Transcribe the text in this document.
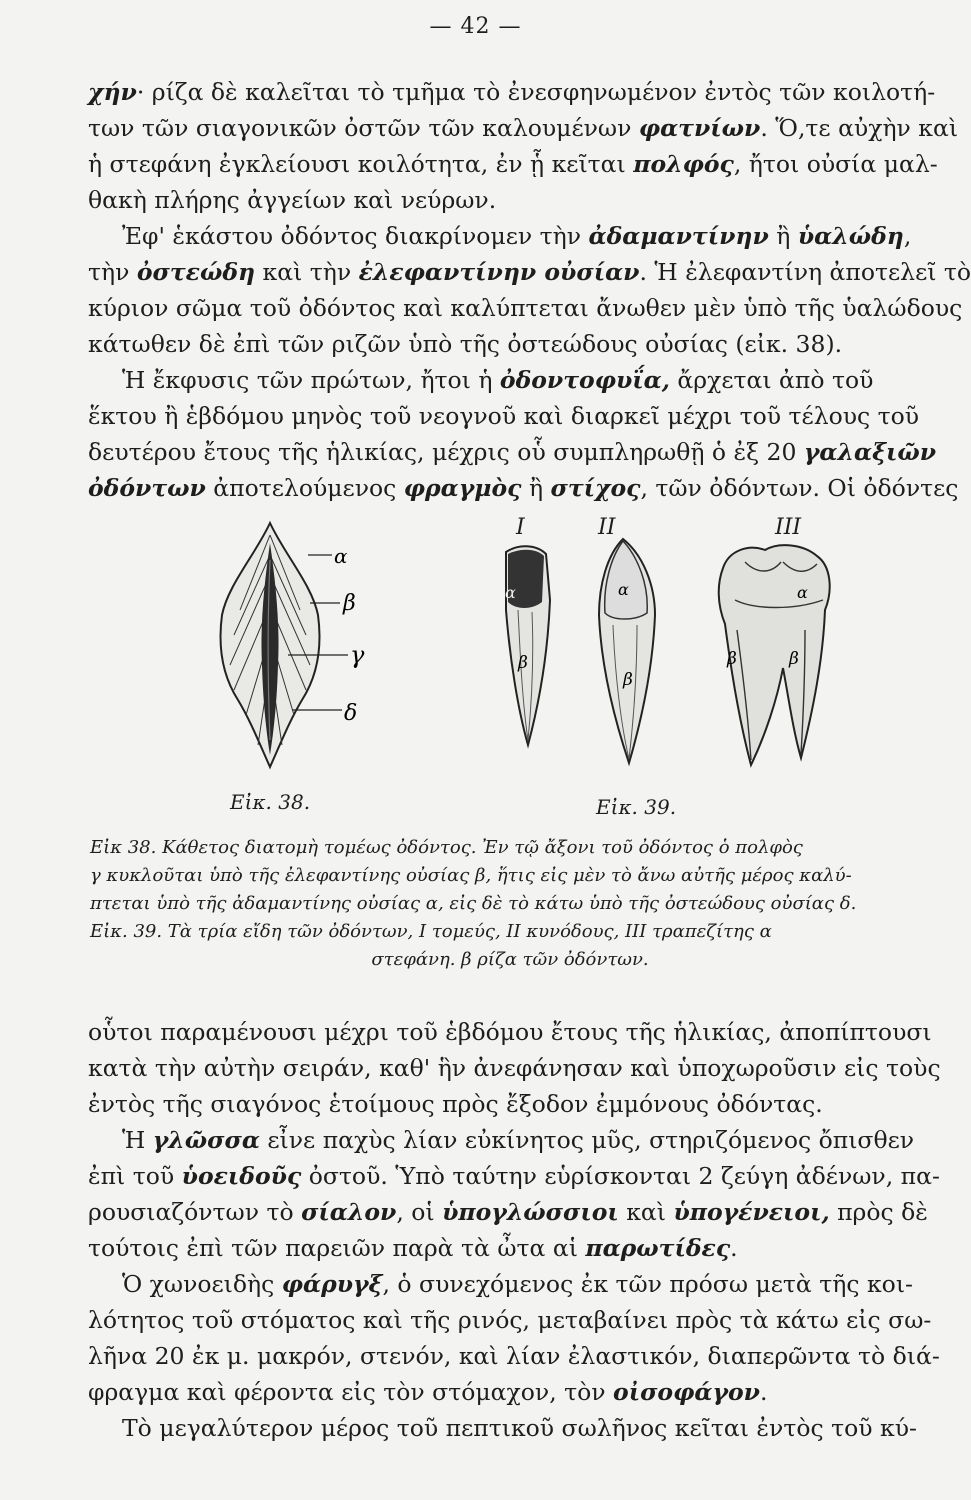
— 42 —
χήν· ρίζα δὲ καλεῖται τὸ τμῆμα τὸ ἐνεσφηνωμένον ἐντὸς τῶν κοιλοτή-
των τῶν σιαγονικῶν ὀστῶν τῶν καλουμένων φατνίων. Ὅ,τε αὐχὴν καὶ
ἡ στεφάνη ἐγκλείουσι κοιλότητα, ἐν ᾗ κεῖται πολφός, ἤτοι οὐσία μαλ-
θακὴ πλήρης ἀγγείων καὶ νεύρων.
Ἐφ' ἑκάστου ὀδόντος διακρίνομεν τὴν ἀδαμαντίνην ἢ ὑαλώδη,
τὴν ὀστεώδη καὶ τὴν ἐλεφαντίνην οὐσίαν. Ἡ ἐλεφαντίνη ἀποτελεῖ τὸ
κύριον σῶμα τοῦ ὀδόντος καὶ καλύπτεται ἄνωθεν μὲν ὑπὸ τῆς ὑαλώδους
κάτωθεν δὲ ἐπὶ τῶν ριζῶν ὑπὸ τῆς ὀστεώδους οὐσίας (εἰκ. 38).
Ἡ ἔκφυσις τῶν πρώτων, ἤτοι ἡ ὀδοντοφυΐα, ἄρχεται ἀπὸ τοῦ
ἕκτου ἢ ἑβδόμου μηνὸς τοῦ νεογνοῦ καὶ διαρκεῖ μέχρι τοῦ τέλους τοῦ
δευτέρου ἔτους τῆς ἡλικίας, μέχρις οὗ συμπληρωθῇ ὁ ἐξ 20 γαλαξιῶν
ὀδόντων ἀποτελούμενος φραγμὸς ἢ στίχος, τῶν ὀδόντων. Οἱ ὀδόντες
α
β
γ
δ
I	II	III
α
β
α
β
α
β	β
Εἰκ. 38.	Εἰκ. 39.
Εἰκ 38. Κάθετος διατομὴ τομέως ὀδόντος. Ἐν τῷ ἄξονι τοῦ ὀδόντος ὁ πολφὸς
γ κυκλοῦται ὑπὸ τῆς ἐλεφαντίνης οὐσίας β, ἥτις εἰς μὲν τὸ ἄνω αὐτῆς μέρος καλύ-
πτεται ὑπὸ τῆς ἀδαμαντίνης οὐσίας α, εἰς δὲ τὸ κάτω ὑπὸ τῆς ὀστεώδους οὐσίας δ.
Εἰκ. 39. Τὰ τρία εἴδη τῶν ὀδόντων, I τομεύς, II κυνόδους, III τραπεζίτης α
στεφάνη. β ρίζα τῶν ὀδόντων.
οὗτοι παραμένουσι μέχρι τοῦ ἑβδόμου ἔτους τῆς ἡλικίας, ἀποπίπτουσι
κατὰ τὴν αὐτὴν σειράν, καθ' ἣν ἀνεφάνησαν καὶ ὑποχωροῦσιν εἰς τοὺς
ἐντὸς τῆς σιαγόνος ἑτοίμους πρὸς ἔξοδον ἐμμόνους ὀδόντας.
Ἡ γλῶσσα εἶνε παχὺς λίαν εὐκίνητος μῦς, στηριζόμενος ὄπισθεν
ἐπὶ τοῦ ὑοειδοῦς ὀστοῦ. Ὑπὸ ταύτην εὑρίσκονται 2 ζεύγη ἀδένων, πα-
ρουσιαζόντων τὸ σίαλον, οἱ ὑπογλώσσιοι καὶ ὑπογένειοι, πρὸς δὲ
τούτοις ἐπὶ τῶν παρειῶν παρὰ τὰ ὦτα αἱ παρωτίδες.
Ὁ χωνοειδὴς φάρυγξ, ὁ συνεχόμενος ἐκ τῶν πρόσω μετὰ τῆς κοι-
λότητος τοῦ στόματος καὶ τῆς ρινός, μεταβαίνει πρὸς τὰ κάτω εἰς σω-
λῆνα 20 ἐκ μ. μακρόν, στενόν, καὶ λίαν ἐλαστικόν, διαπερῶντα τὸ διά-
φραγμα καὶ φέροντα εἰς τὸν στόμαχον, τὸν οἰσοφάγον.
Τὸ μεγαλύτερον μέρος τοῦ πεπτικοῦ σωλῆνος κεῖται ἐντὸς τοῦ κύ-
